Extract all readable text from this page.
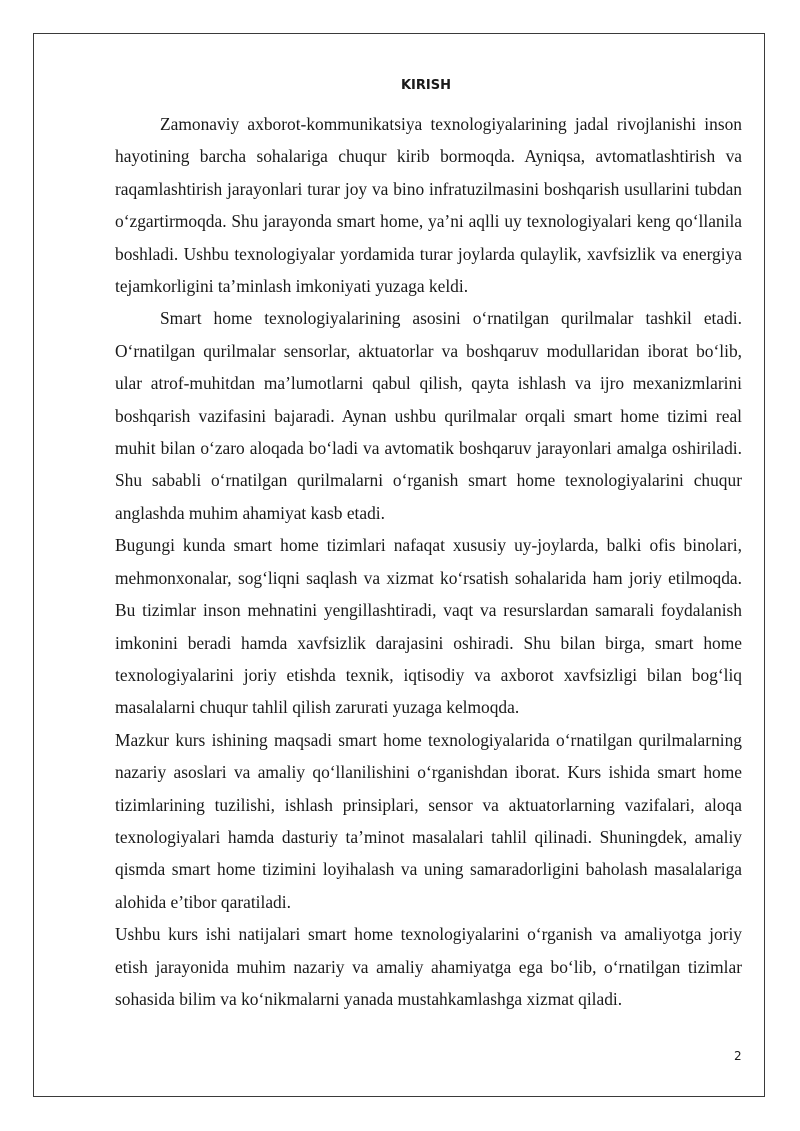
KIRISH

Zamonaviy axborot-kommunikatsiya texnologiyalarining jadal rivojlanishi inson hayotining barcha sohalariga chuqur kirib bormoqda. Ayniqsa, avtomatlashtirish va raqamlashtirish jarayonlari turar joy va bino infratuzilmasini boshqarish usullarini tubdan oʻzgartirmoqda. Shu jarayonda smart home, ya’ni aqlli uy texnologiyalari keng qoʻllanila boshladi. Ushbu texnologiyalar yordamida turar joylarda qulaylik, xavfsizlik va energiya tejamkorligini ta’minlash imkoniyati yuzaga keldi.

Smart home texnologiyalarining asosini oʻrnatilgan qurilmalar tashkil etadi. Oʻrnatilgan qurilmalar sensorlar, aktuatorlar va boshqaruv modullaridan iborat boʻlib, ular atrof-muhitdan ma’lumotlarni qabul qilish, qayta ishlash va ijro mexanizmlarini boshqarish vazifasini bajaradi. Aynan ushbu qurilmalar orqali smart home tizimi real muhit bilan oʻzaro aloqada boʻladi va avtomatik boshqaruv jarayonlari amalga oshiriladi. Shu sababli oʻrnatilgan qurilmalarni oʻrganish smart home texnologiyalarini chuqur anglashda muhim ahamiyat kasb etadi.

Bugungi kunda smart home tizimlari nafaqat xususiy uy-joylarda, balki ofis binolari, mehmonxonalar, sogʻliqni saqlash va xizmat koʻrsatish sohalarida ham joriy etilmoqda. Bu tizimlar inson mehnatini yengillashtiradi, vaqt va resurslardan samarali foydalanish imkonini beradi hamda xavfsizlik darajasini oshiradi. Shu bilan birga, smart home texnologiyalarini joriy etishda texnik, iqtisodiy va axborot xavfsizligi bilan bogʻliq masalalarni chuqur tahlil qilish zarurati yuzaga kelmoqda.

Mazkur kurs ishining maqsadi smart home texnologiyalarida oʻrnatilgan qurilmalarning nazariy asoslari va amaliy qoʻllanilishini oʻrganishdan iborat. Kurs ishida smart home tizimlarining tuzilishi, ishlash prinsiplari, sensor va aktuatorlarning vazifalari, aloqa texnologiyalari hamda dasturiy ta’minot masalalari tahlil qilinadi. Shuningdek, amaliy qismda smart home tizimini loyihalash va uning samaradorligini baholash masalalariga alohida e’tibor qaratiladi.

Ushbu kurs ishi natijalari smart home texnologiyalarini oʻrganish va amaliyotga joriy etish jarayonida muhim nazariy va amaliy ahamiyatga ega boʻlib, oʻrnatilgan tizimlar sohasida bilim va koʻnikmalarni yanada mustahkamlashga xizmat qiladi.

2
